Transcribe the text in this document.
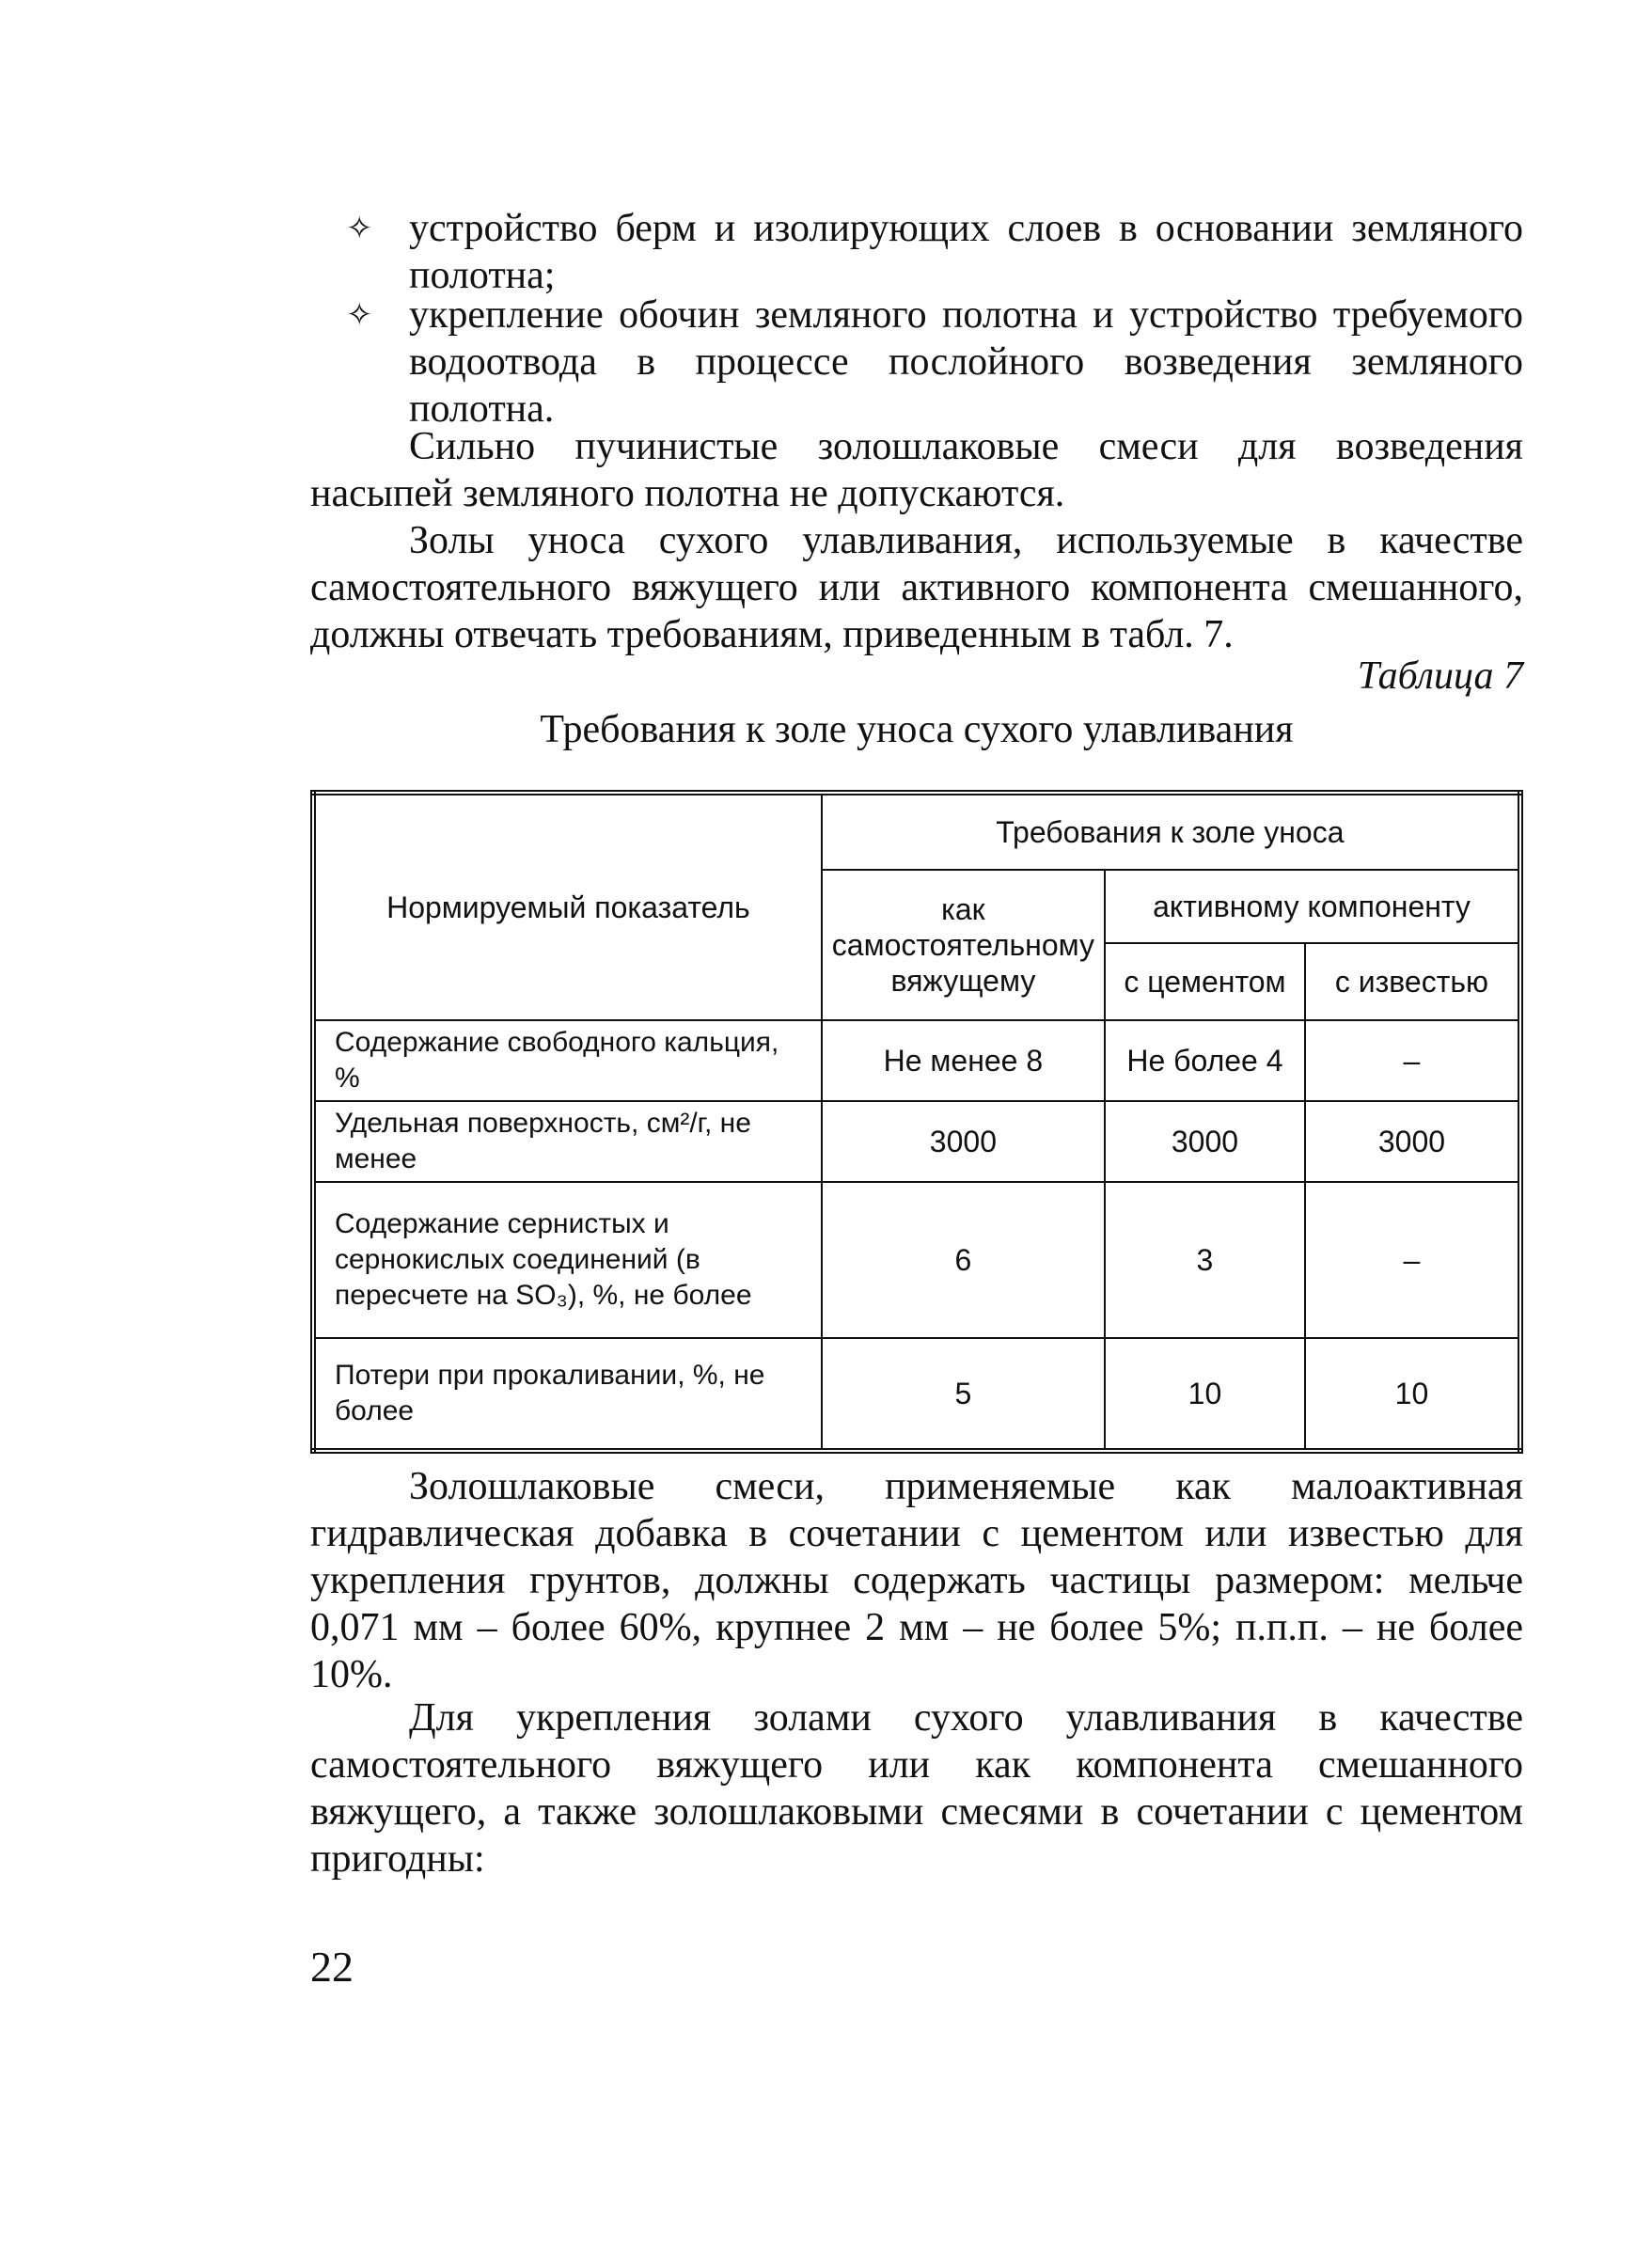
✧ устройство берм и изолирующих слоев в основании земляного полотна;
✧ укрепление обочин земляного полотна и устройство требуемого водоотвода в процессе послойного возведения земляного полотна.

Сильно пучинистые золошлаковые смеси для возведения насыпей земляного полотна не допускаются.

Золы уноса сухого улавливания, используемые в качестве самостоятельного вяжущего или активного компонента смешанного, должны отвечать требованиям, приведенным в табл. 7.

Таблица 7
Требования к золе уноса сухого улавливания
Нормируемый показатель	Требования к золе уноса		
	как самостоятельному вяжущему	активному компоненту	
		с цементом	с известью
Содержание свободного кальция, %	Не менее 8	Не более 4	–
Удельная поверхность, см²/г, не менее	3000	3000	3000
Содержание сернистых и сернокислых соединений (в пересчете на SO₃), %, не более	6	3	–
Потери при прокаливании, %, не более	5	10	10

Золошлаковые смеси, применяемые как малоактивная гидравлическая добавка в сочетании с цементом или известью для укрепления грунтов, должны содержать частицы размером: мельче 0,071 мм – более 60%, крупнее 2 мм – не более 5%; п.п.п. – не более 10%.

Для укрепления золами сухого улавливания в качестве самостоятельного вяжущего или как компонента смешанного вяжущего, а также золошлаковыми смесями в сочетании с цементом пригодны:

22
